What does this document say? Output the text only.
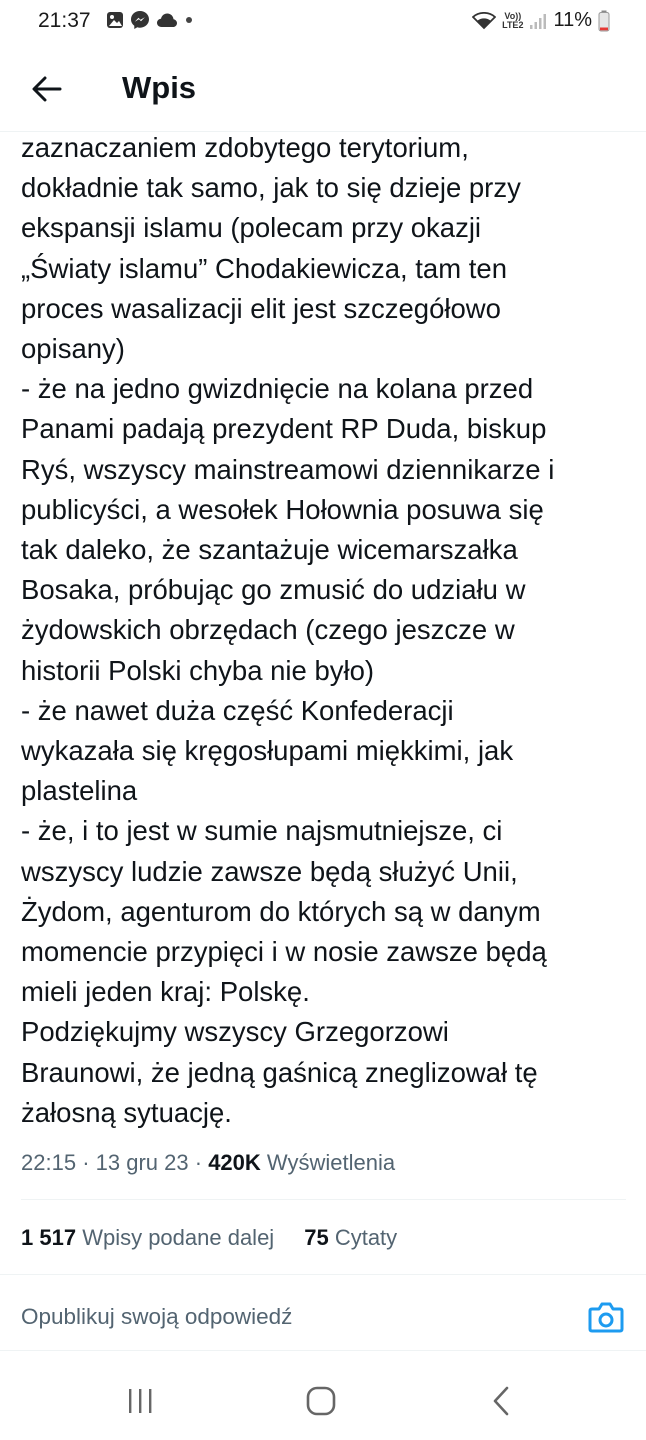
21:37	Vo))
LTE2 11%
Wpis
zaznaczaniem zdobytego terytorium,
dokładnie tak samo, jak to się dzieje przy
ekspansji islamu (polecam przy okazji
„Światy islamu” Chodakiewicza, tam ten
proces wasalizacji elit jest szczegółowo
opisany)
- że na jedno gwizdnięcie na kolana przed
Panami padają prezydent RP Duda, biskup
Ryś, wszyscy mainstreamowi dziennikarze i
publicyści, a wesołek Hołownia posuwa się
tak daleko, że szantażuje wicemarszałka
Bosaka, próbując go zmusić do udziału w
żydowskich obrzędach (czego jeszcze w
historii Polski chyba nie było)
- że nawet duża część Konfederacji
wykazała się kręgosłupami miękkimi, jak
plastelina
- że, i to jest w sumie najsmutniejsze, ci
wszyscy ludzie zawsze będą służyć Unii,
Żydom, agenturom do których są w danym
momencie przypięci i w nosie zawsze będą
mieli jeden kraj: Polskę.
Podziękujmy wszyscy Grzegorzowi
Braunowi, że jedną gaśnicą zneglizował tę
żałosną sytuację.
22:15 · 13 gru 23 · 420K Wyświetlenia
1 517 Wpisy podane dalej 75 Cytaty
Opublikuj swoją odpowiedź
